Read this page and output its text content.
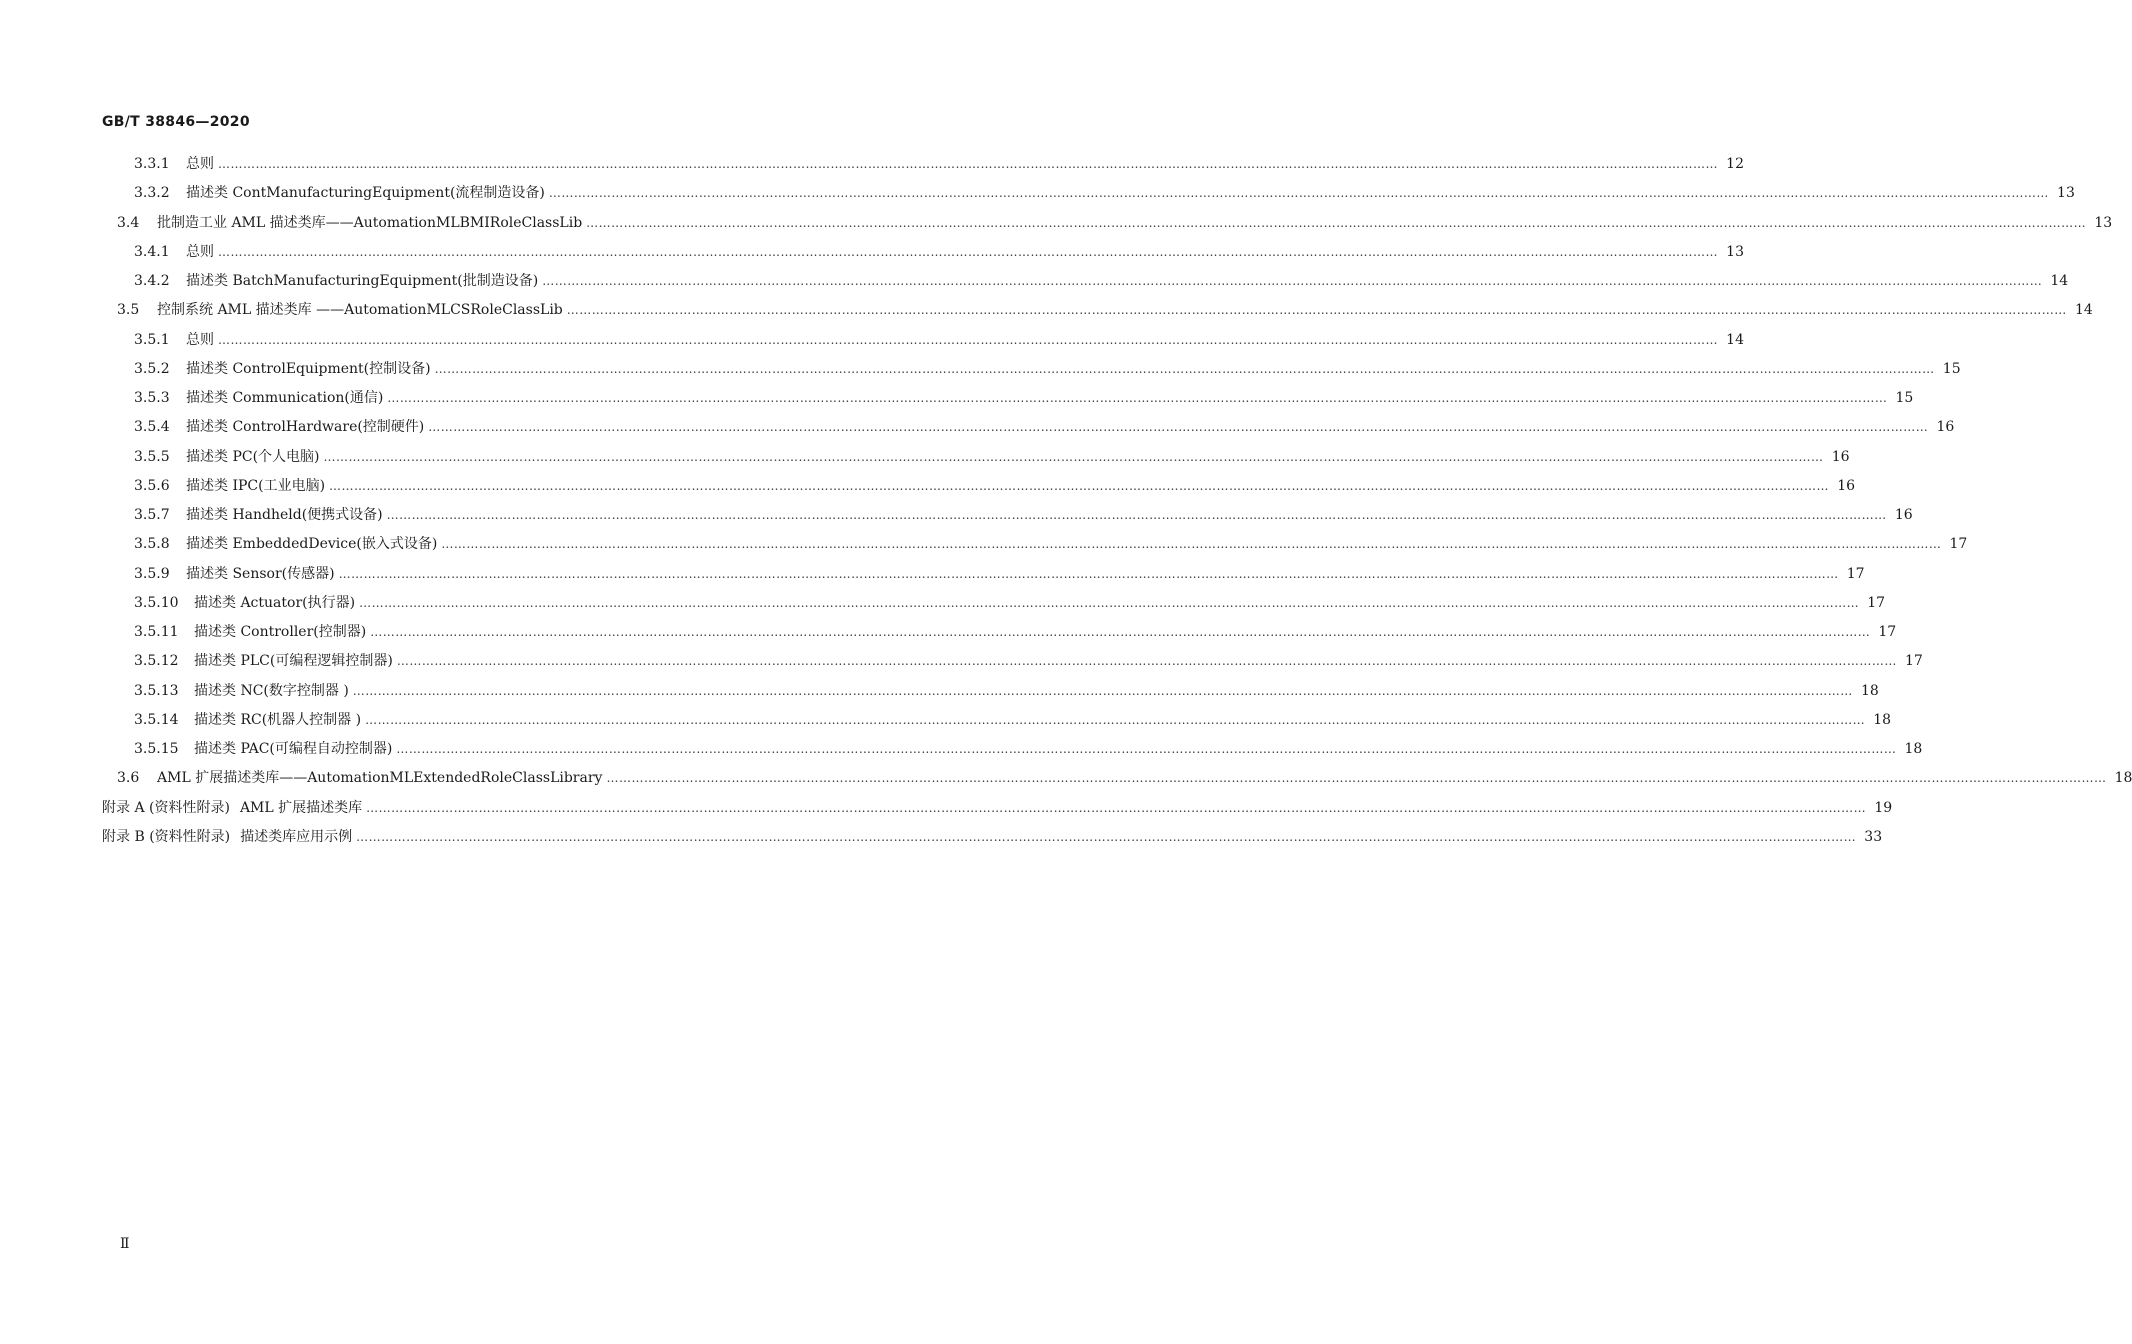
GB/T 38846—2020
3.3.1	总则 ……………………………………………………………………………………………………………………………………………………………………………………………………………………………………………………………………………………………………………………………… 12
3.3.2	描述类 ContManufacturingEquipment(流程制造设备) ……………………………………………………………………………………………………………………………………………………………………………………………………………………………………………………………………………………………………………………………… 13
3.4	批制造工业 AML 描述类库——AutomationMLBMIRoleClassLib ……………………………………………………………………………………………………………………………………………………………………………………………………………………………………………………………………………………………………………………………… 13
3.4.1	总则 ……………………………………………………………………………………………………………………………………………………………………………………………………………………………………………………………………………………………………………………………… 13
3.4.2	描述类 BatchManufacturingEquipment(批制造设备) ……………………………………………………………………………………………………………………………………………………………………………………………………………………………………………………………………………………………………………………………… 14
3.5	控制系统 AML 描述类库 ——AutomationMLCSRoleClassLib ……………………………………………………………………………………………………………………………………………………………………………………………………………………………………………………………………………………………………………………………… 14
3.5.1	总则 ……………………………………………………………………………………………………………………………………………………………………………………………………………………………………………………………………………………………………………………………… 14
3.5.2	描述类 ControlEquipment(控制设备) ……………………………………………………………………………………………………………………………………………………………………………………………………………………………………………………………………………………………………………………………… 15
3.5.3	描述类 Communication(通信) ……………………………………………………………………………………………………………………………………………………………………………………………………………………………………………………………………………………………………………………………… 15
3.5.4	描述类 ControlHardware(控制硬件) ……………………………………………………………………………………………………………………………………………………………………………………………………………………………………………………………………………………………………………………………… 16
3.5.5	描述类 PC(个人电脑) ……………………………………………………………………………………………………………………………………………………………………………………………………………………………………………………………………………………………………………………………… 16
3.5.6	描述类 IPC(工业电脑) ……………………………………………………………………………………………………………………………………………………………………………………………………………………………………………………………………………………………………………………………… 16
3.5.7	描述类 Handheld(便携式设备) ……………………………………………………………………………………………………………………………………………………………………………………………………………………………………………………………………………………………………………………………… 16
3.5.8	描述类 EmbeddedDevice(嵌入式设备) ……………………………………………………………………………………………………………………………………………………………………………………………………………………………………………………………………………………………………………………………… 17
3.5.9	描述类 Sensor(传感器) ……………………………………………………………………………………………………………………………………………………………………………………………………………………………………………………………………………………………………………………………… 17
3.5.10	描述类 Actuator(执行器) ……………………………………………………………………………………………………………………………………………………………………………………………………………………………………………………………………………………………………………………………… 17
3.5.11	描述类 Controller(控制器) ……………………………………………………………………………………………………………………………………………………………………………………………………………………………………………………………………………………………………………………………… 17
3.5.12	描述类 PLC(可编程逻辑控制器) ……………………………………………………………………………………………………………………………………………………………………………………………………………………………………………………………………………………………………………………………… 17
3.5.13	描述类 NC(数字控制器 ) ……………………………………………………………………………………………………………………………………………………………………………………………………………………………………………………………………………………………………………………………… 18
3.5.14	描述类 RC(机器人控制器 ) ……………………………………………………………………………………………………………………………………………………………………………………………………………………………………………………………………………………………………………………………… 18
3.5.15	描述类 PAC(可编程自动控制器) ……………………………………………………………………………………………………………………………………………………………………………………………………………………………………………………………………………………………………………………………… 18
3.6	AML 扩展描述类库——AutomationMLExtendedRoleClassLibrary ……………………………………………………………………………………………………………………………………………………………………………………………………………………………………………………………………………………………………………………………… 18
附录 A (资料性附录) AML 扩展描述类库 ……………………………………………………………………………………………………………………………………………………………………………………………………………………………………………………………………………………………………………………………… 19
附录 B (资料性附录) 描述类库应用示例 ……………………………………………………………………………………………………………………………………………………………………………………………………………………………………………………………………………………………………………………………… 33
Ⅱ
